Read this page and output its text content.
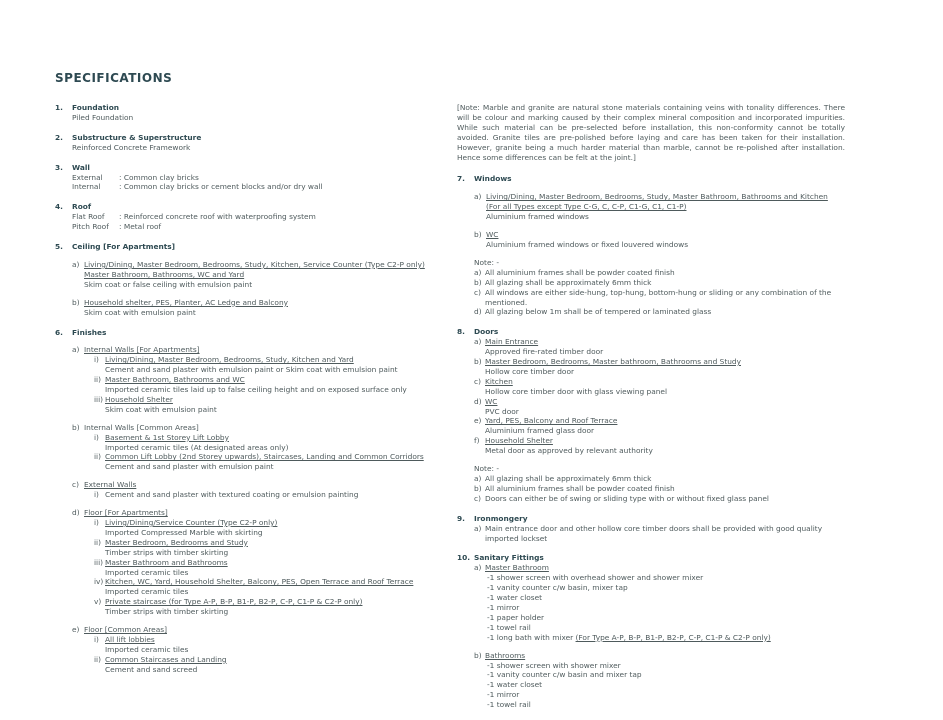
SPECIFICATIONS
1. Foundation
Piled Foundation
2. Substructure & Superstructure
Reinforced Concrete Framework
3. Wall
External	: Common clay bricks
Internal	: Common clay bricks or cement blocks and/or dry wall
4. Roof
Flat Roof	: Reinforced concrete roof with waterproofing system
Pitch Roof	: Metal roof
5. Ceiling [For Apartments]
a) Living/Dining, Master Bedroom, Bedrooms, Study, Kitchen, Service Counter (Type C2-P only)
Master Bathroom, Bathrooms, WC and Yard
Skim coat or false ceiling with emulsion paint
b) Household shelter, PES, Planter, AC Ledge and Balcony
Skim coat with emulsion paint
6. Finishes
a) Internal Walls [For Apartments]
i) Living/Dining, Master Bedroom, Bedrooms, Study, Kitchen and Yard
Cement and sand plaster with emulsion paint or Skim coat with emulsion paint
ii) Master Bathroom, Bathrooms and WC
Imported ceramic tiles laid up to false ceiling height and on exposed surface only
iii) Household Shelter
Skim coat with emulsion paint
b) Internal Walls [Common Areas]
i) Basement & 1st Storey Lift Lobby
Imported ceramic tiles (At designated areas only)
ii) Common Lift Lobby (2nd Storey upwards), Staircases, Landing and Common Corridors
Cement and sand plaster with emulsion paint
c) External Walls
i) Cement and sand plaster with textured coating or emulsion painting
d) Floor [For Apartments]
i) Living/Dining/Service Counter (Type C2-P only)
Imported Compressed Marble with skirting
ii) Master Bedroom, Bedrooms and Study
Timber strips with timber skirting
iii) Master Bathroom and Bathrooms
Imported ceramic tiles
iv) Kitchen, WC, Yard, Household Shelter, Balcony, PES, Open Terrace and Roof Terrace
Imported ceramic tiles
v) Private staircase (for Type A-P, B-P, B1-P, B2-P, C-P, C1-P & C2-P only)
Timber strips with timber skirting
e) Floor [Common Areas]
i) All lift lobbies
Imported ceramic tiles
ii) Common Staircases and Landing
Cement and sand screed
[Note: Marble and granite are natural stone materials containing veins with tonality differences. There will be colour and marking caused by their complex mineral composition and incorporated impurities. While such material can be pre-selected before installation, this non-conformity cannot be totally avoided. Granite tiles are pre-polished before laying and care has been taken for their installation. However, granite being a much harder material than marble, cannot be re-polished after installation. Hence some differences can be felt at the joint.]
7. Windows
a) Living/Dining, Master Bedroom, Bedrooms, Study, Master Bathroom, Bathrooms and Kitchen
(For all Types except Type C-G, C, C-P, C1-G, C1, C1-P)
Aluminium framed windows
b) WC
Aluminium framed windows or fixed louvered windows
Note: -
a) All aluminium frames shall be powder coated finish
b) All glazing shall be approximately 6mm thick
c) All windows are either side-hung, top-hung, bottom-hung or sliding or any combination of the mentioned.
d) All glazing below 1m shall be of tempered or laminated glass
8. Doors
a) Main Entrance
Approved fire-rated timber door
b) Master Bedroom, Bedrooms, Master bathroom, Bathrooms and Study
Hollow core timber door
c) Kitchen
Hollow core timber door with glass viewing panel
d) WC
PVC door
e) Yard, PES, Balcony and Roof Terrace
Aluminium framed glass door
f) Household Shelter
Metal door as approved by relevant authority
Note: -
a) All glazing shall be approximately 6mm thick
b) All aluminium frames shall be powder coated finish
c) Doors can either be of swing or sliding type with or without fixed glass panel
9. Ironmongery
a) Main entrance door and other hollow core timber doors shall be provided with good quality imported lockset
10. Sanitary Fittings
a) Master Bathroom
-1 shower screen with overhead shower and shower mixer
-1 vanity counter c/w basin, mixer tap
-1 water closet
-1 mirror
-1 paper holder
-1 towel rail
-1 long bath with mixer (For Type A-P, B-P, B1-P, B2-P, C-P, C1-P & C2-P only)
b) Bathrooms
-1 shower screen with shower mixer
-1 vanity counter c/w basin and mixer tap
-1 water closet
-1 mirror
-1 towel rail
